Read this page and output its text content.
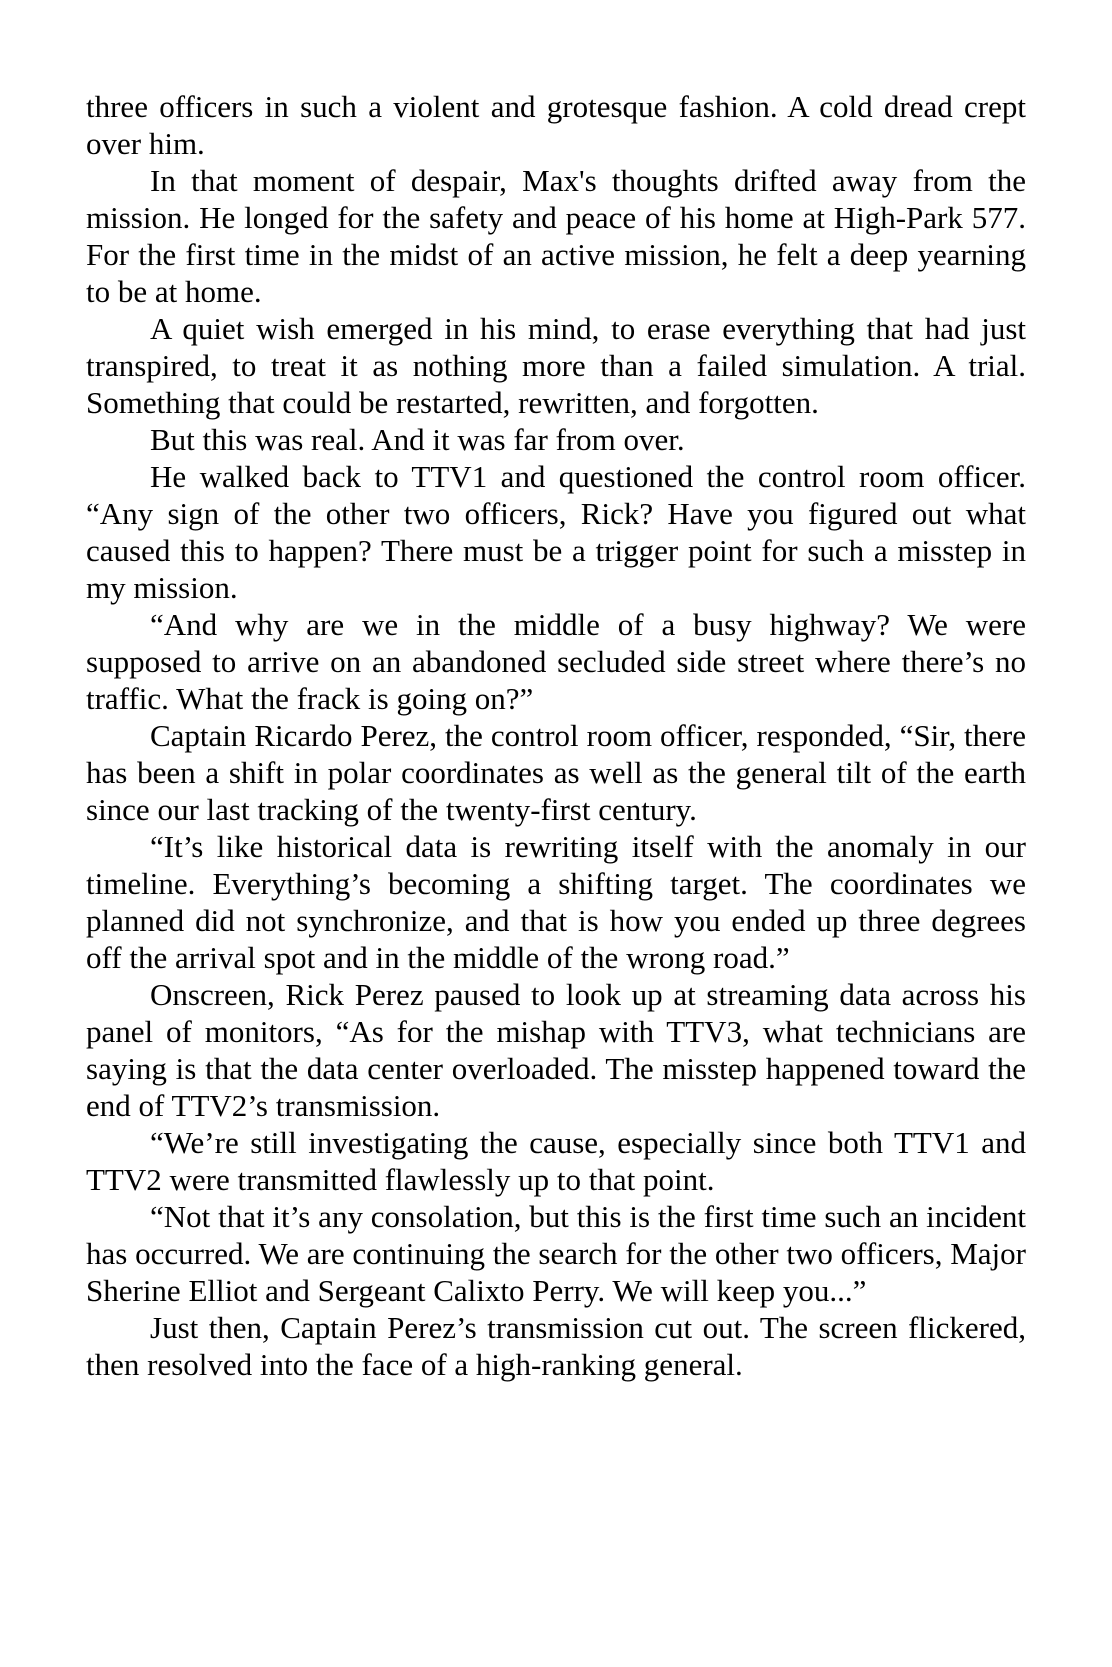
three officers in such a violent and grotesque fashion. A cold dread crept over him.

In that moment of despair, Max's thoughts drifted away from the mission. He longed for the safety and peace of his home at High-Park 577. For the first time in the midst of an active mission, he felt a deep yearning to be at home.

A quiet wish emerged in his mind, to erase everything that had just transpired, to treat it as nothing more than a failed simulation. A trial. Something that could be restarted, rewritten, and forgotten.

But this was real. And it was far from over.

He walked back to TTV1 and questioned the control room officer. “Any sign of the other two officers, Rick? Have you figured out what caused this to happen? There must be a trigger point for such a misstep in my mission.

“And why are we in the middle of a busy highway? We were supposed to arrive on an abandoned secluded side street where there’s no traffic. What the frack is going on?”

Captain Ricardo Perez, the control room officer, responded, “Sir, there has been a shift in polar coordinates as well as the general tilt of the earth since our last tracking of the twenty-first century.

“It’s like historical data is rewriting itself with the anomaly in our timeline. Everything’s becoming a shifting target. The coordinates we planned did not synchronize, and that is how you ended up three degrees off the arrival spot and in the middle of the wrong road.”

Onscreen, Rick Perez paused to look up at streaming data across his panel of monitors, “As for the mishap with TTV3, what technicians are saying is that the data center overloaded. The misstep happened toward the end of TTV2’s transmission.

“We’re still investigating the cause, especially since both TTV1 and TTV2 were transmitted flawlessly up to that point.

“Not that it’s any consolation, but this is the first time such an incident has occurred. We are continuing the search for the other two officers, Major Sherine Elliot and Sergeant Calixto Perry. We will keep you...”

Just then, Captain Perez’s transmission cut out. The screen flickered, then resolved into the face of a high-ranking general.
